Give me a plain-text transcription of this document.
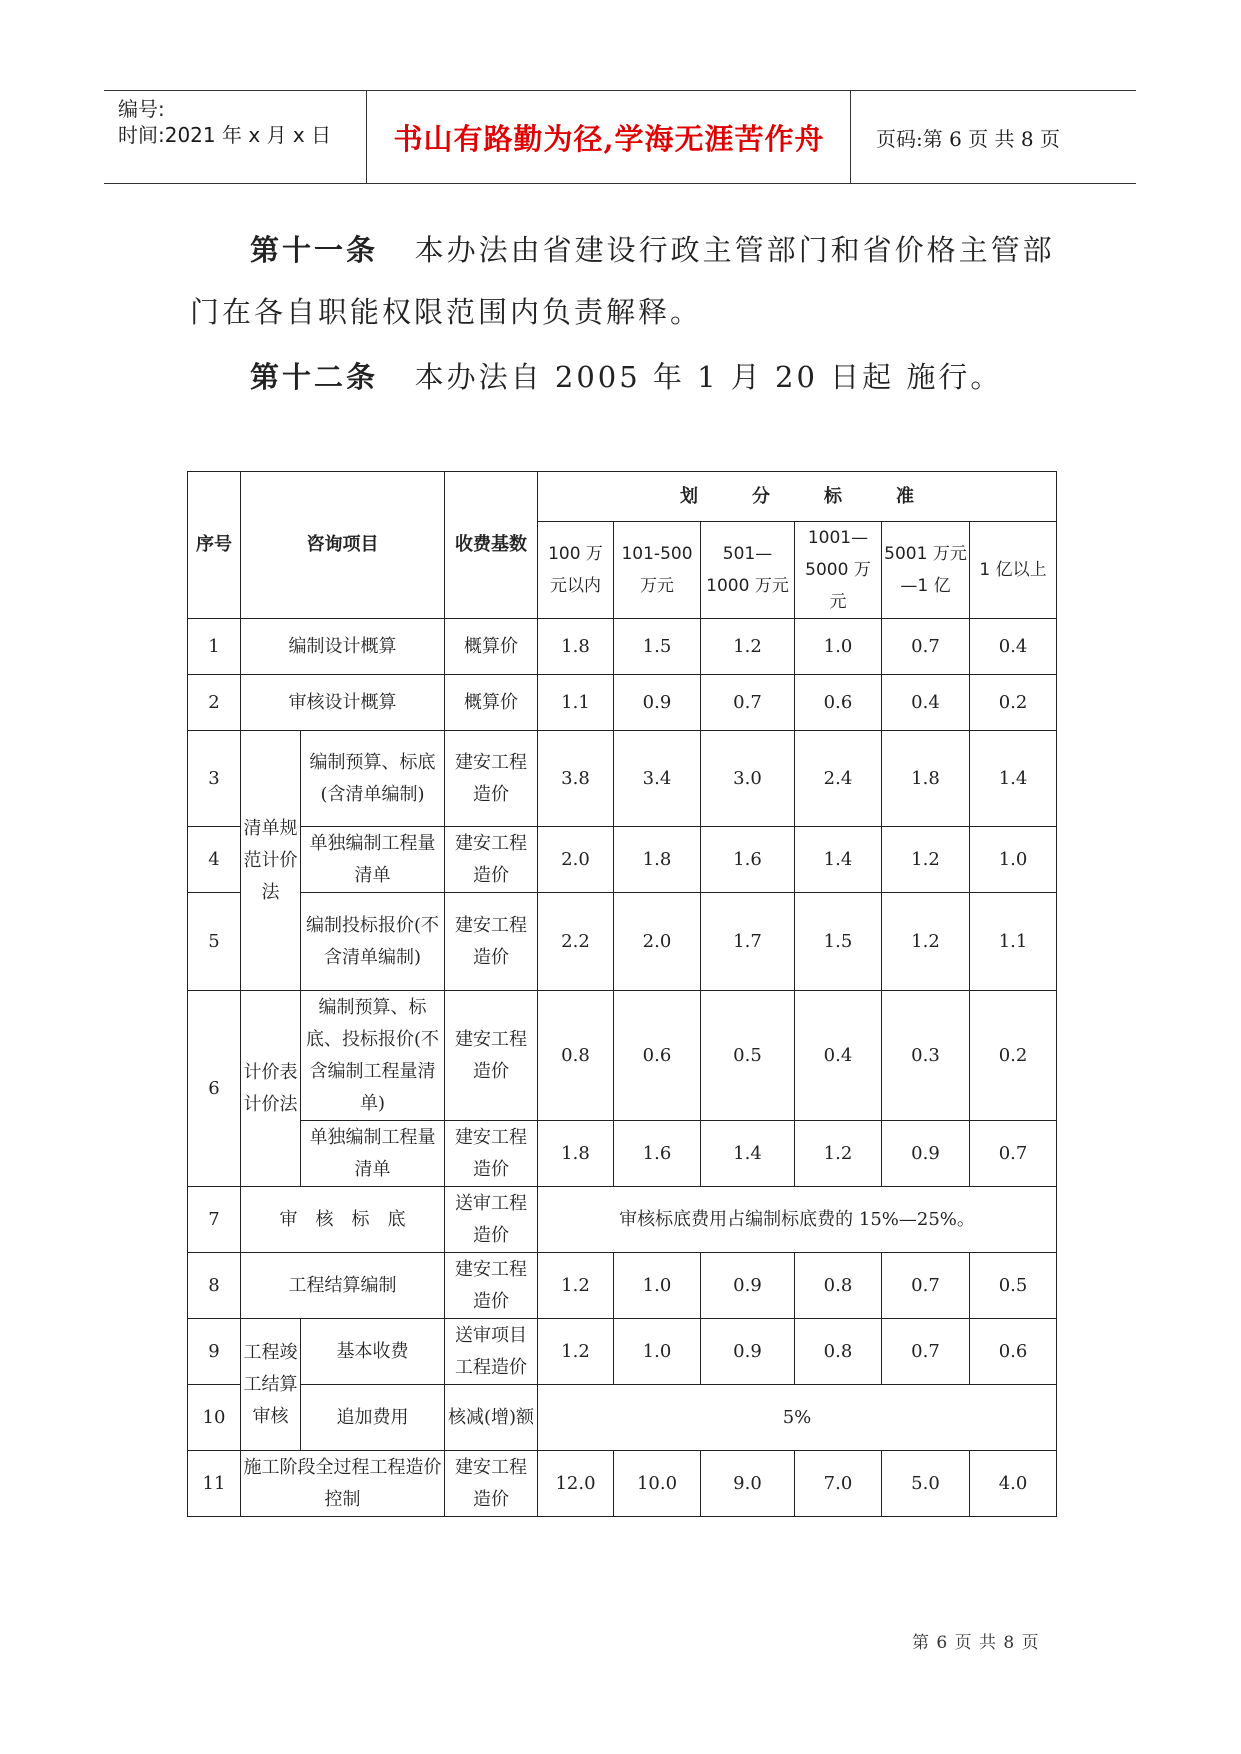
编号:
时间:2021 年 x 月 x 日 书山有路勤为径,学海无涯苦作舟	页码:第 6 页 共 8 页
第十一条 本办法由省建设行政主管部门和省价格主管部
门在各自职能权限范围内负责解释。
第十二条 本办法自 2005 年 1 月 20 日起 施行。
序号	咨询项目		收费基数	划　　　分　　　标　　　准					
				100 万元以内	101-500 万元	501—1000 万元	1001—5000 万元	5001 万元—1 亿	1 亿以上
1	编制设计概算		概算价	1.8	1.5	1.2	1.0	0.7	0.4
2	审核设计概算		概算价	1.1	0.9	0.7	0.6	0.4	0.2
3	清单规范计价法	编制预算、标底(含清单编制)	建安工程造价	3.8	3.4	3.0	2.4	1.8	1.4
4		单独编制工程量清单	建安工程造价	2.0	1.8	1.6	1.4	1.2	1.0
5		编制投标报价(不含清单编制)	建安工程造价	2.2	2.0	1.7	1.5	1.2	1.1
6	计价表计价法	编制预算、标底、投标报价(不含编制工程量清单)	建安工程造价	0.8	0.6	0.5	0.4	0.3	0.2
		单独编制工程量清单	建安工程造价	1.8	1.6	1.4	1.2	0.9	0.7
7	审　核　标　底		送审工程造价	审核标底费用占编制标底费的 15%—25%。					
8	工程结算编制		建安工程造价	1.2	1.0	0.9	0.8	0.7	0.5
9	工程竣工结算审核	基本收费	送审项目工程造价	1.2	1.0	0.9	0.8	0.7	0.6
10		追加费用	核减(增)额	5%					
11	施工阶段全过程工程造价控制		建安工程造价	12.0	10.0	9.0	7.0	5.0	4.0
第 6 页 共 8 页
